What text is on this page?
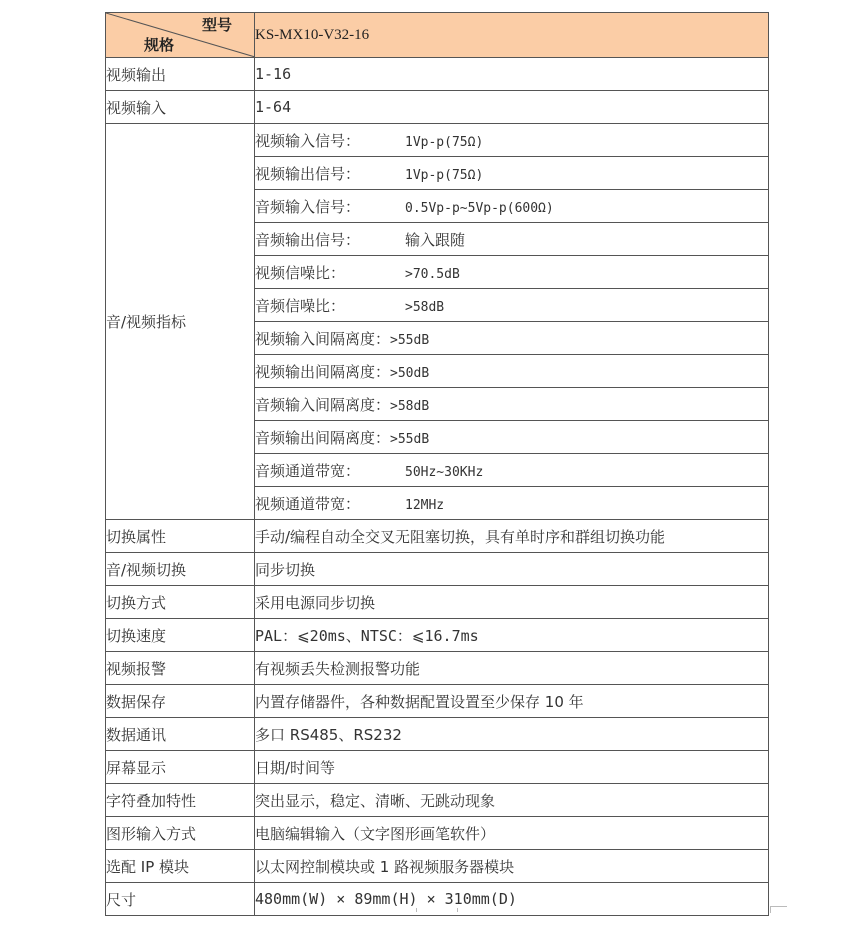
型号
规格	KS-MX10-V32-16
视频输出	1-16
视频输入	1-64
音/视频指标	视频输入信号： 1Vp-p(75Ω)
	视频输出信号： 1Vp-p(75Ω)
	音频输入信号： 0.5Vp-p~5Vp-p(600Ω)
	音频输出信号： 输入跟随
	视频信噪比： >70.5dB
	音频信噪比： >58dB
	视频输入间隔离度：>55dB
	视频输出间隔离度：>50dB
	音频输入间隔离度：>58dB
	音频输出间隔离度：>55dB
	音频通道带宽： 50Hz~30KHz
	视频通道带宽： 12MHz
切换属性	手动/编程自动全交叉无阻塞切换，具有单时序和群组切换功能
音/视频切换	同步切换
切换方式	采用电源同步切换
切换速度	PAL：⩽20ms、NTSC：⩽16.7ms
视频报警	有视频丢失检测报警功能
数据保存	内置存储器件，各种数据配置设置至少保存 10 年
数据通讯	多口 RS485、RS232
屏幕显示	日期/时间等
字符叠加特性	突出显示，稳定、清晰、无跳动现象
图形输入方式	电脑编辑输入（文字图形画笔软件）
选配 IP 模块	以太网控制模块或 1 路视频服务器模块
尺寸	480mm(W) × 89mm(H) × 310mm(D)
